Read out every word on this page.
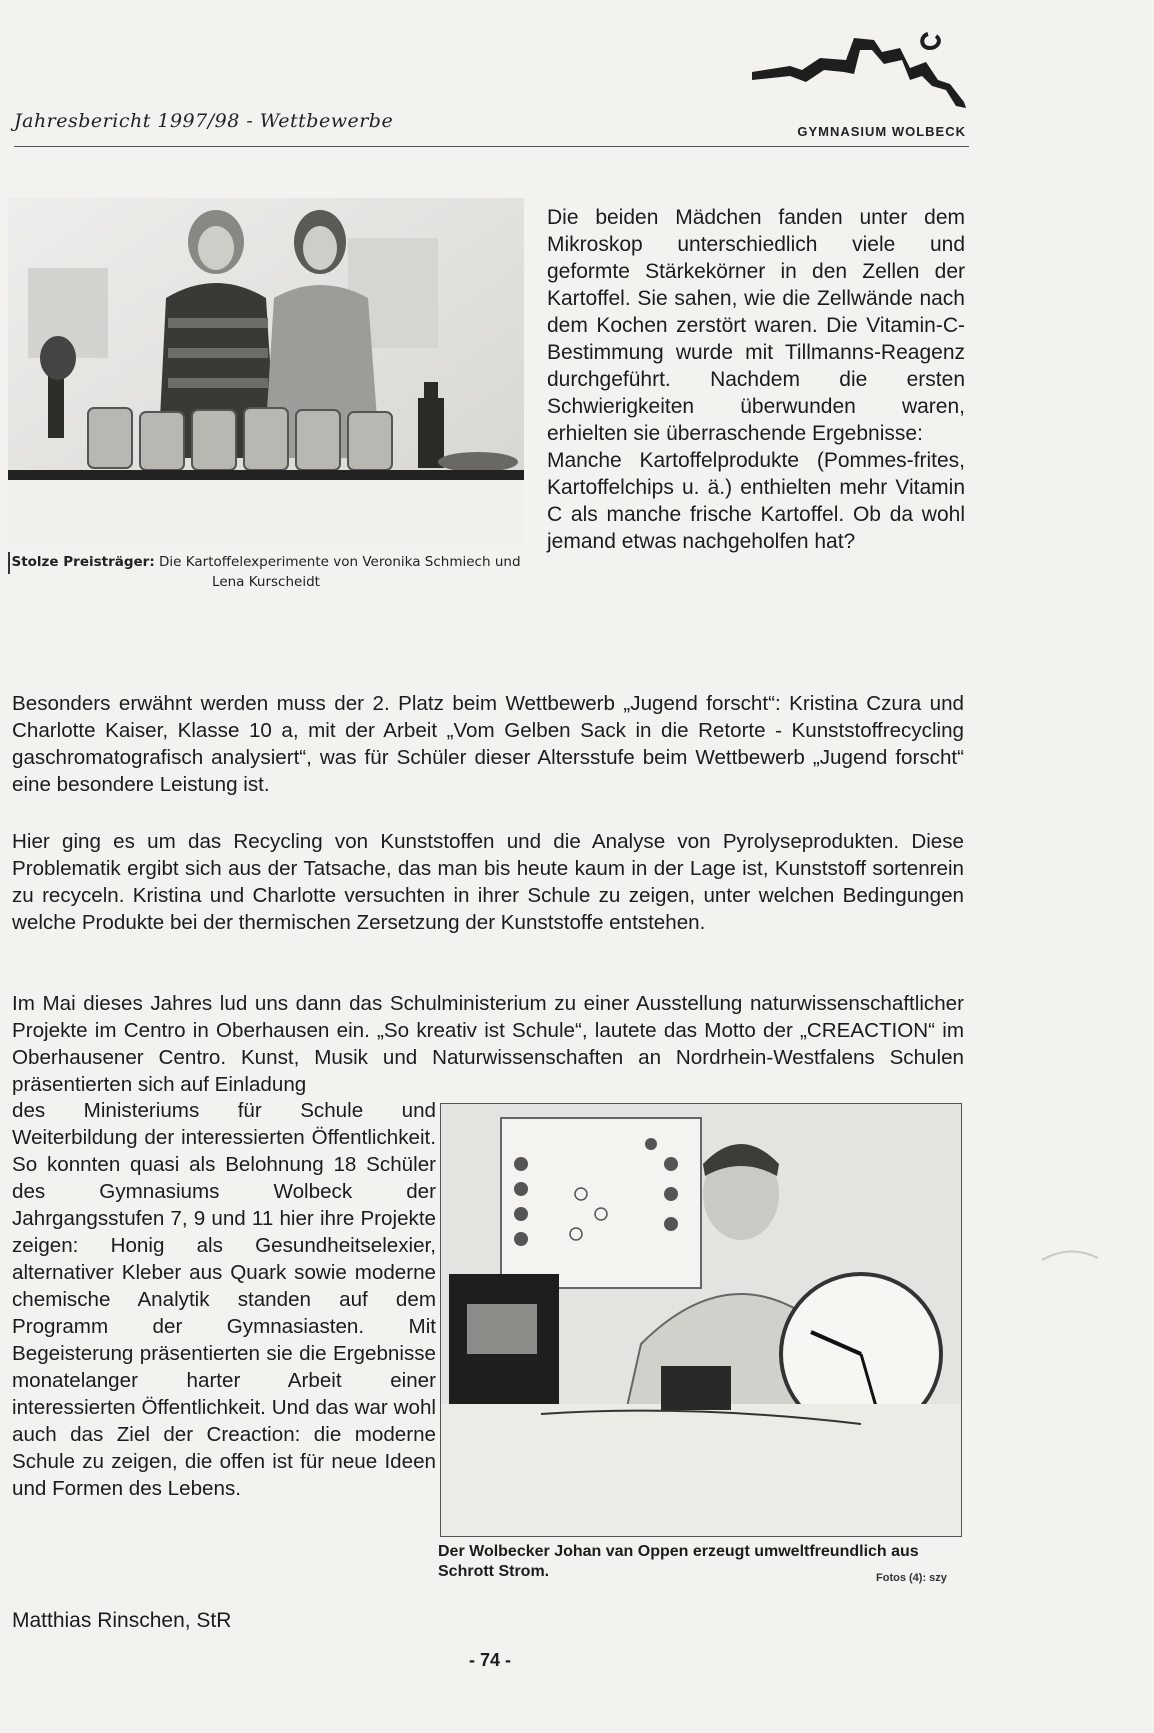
Jahresbericht 1997/98 - Wettbewerbe	GYMNASIUM WOLBECK
Stolze Preisträger: Die Kartoffelexperimente von Veronika Schmiech und Lena Kurscheidt

Die beiden Mädchen fanden unter dem Mikroskop unterschiedlich viele und geformte Stärkekörner in den Zellen der Kartoffel. Sie sahen, wie die Zellwände nach dem Kochen zerstört waren. Die Vitamin-C-Bestimmung wurde mit Tillmanns-Reagenz durchgeführt. Nachdem die ersten Schwierigkeiten überwunden waren, erhielten sie überraschende Ergebnisse:

Manche Kartoffelprodukte (Pommes-frites, Kartoffelchips u. ä.) enthielten mehr Vitamin C als manche frische Kartoffel. Ob da wohl jemand etwas nachgeholfen hat?

Besonders erwähnt werden muss der 2. Platz beim Wettbewerb „Jugend forscht“: Kristina Czura und Charlotte Kaiser, Klasse 10 a, mit der Arbeit „Vom Gelben Sack in die Retorte - Kunststoffrecycling gaschromatografisch analysiert“, was für Schüler dieser Altersstufe beim Wettbewerb „Jugend forscht“ eine besondere Leistung ist.

Hier ging es um das Recycling von Kunststoffen und die Analyse von Pyrolyseprodukten. Diese Problematik ergibt sich aus der Tatsache, das man bis heute kaum in der Lage ist, Kunststoff sortenrein zu recyceln. Kristina und Charlotte versuchten in ihrer Schule zu zeigen, unter welchen Bedingungen welche Produkte bei der thermischen Zersetzung der Kunststoffe entstehen.

Im Mai dieses Jahres lud uns dann das Schulministerium zu einer Ausstellung naturwissenschaftlicher Projekte im Centro in Oberhausen ein. „So kreativ ist Schule“, lautete das Motto der „CREACTION“ im Oberhausener Centro. Kunst, Musik und Naturwissenschaften an Nordrhein-Westfalens Schulen präsentierten sich auf Einladung

des Ministeriums für Schule und Weiterbildung der interessierten Öffentlichkeit. So konnten quasi als Belohnung 18 Schüler des Gymnasiums Wolbeck der Jahrgangsstufen 7, 9 und 11 hier ihre Projekte zeigen: Honig als Gesundheitselexier, alternativer Kleber aus Quark sowie moderne chemische Analytik standen auf dem Programm der Gymnasiasten. Mit Begeisterung präsentierten sie die Ergebnisse monatelanger harter Arbeit einer interessierten Öffentlichkeit. Und das war wohl auch das Ziel der Creaction: die moderne Schule zu zeigen, die offen ist für neue Ideen und Formen des Lebens.

Der Wolbecker Johan van Oppen erzeugt umweltfreundlich aus Schrott Strom.	Fotos (4): szy
Matthias Rinschen, StR
- 74 -
